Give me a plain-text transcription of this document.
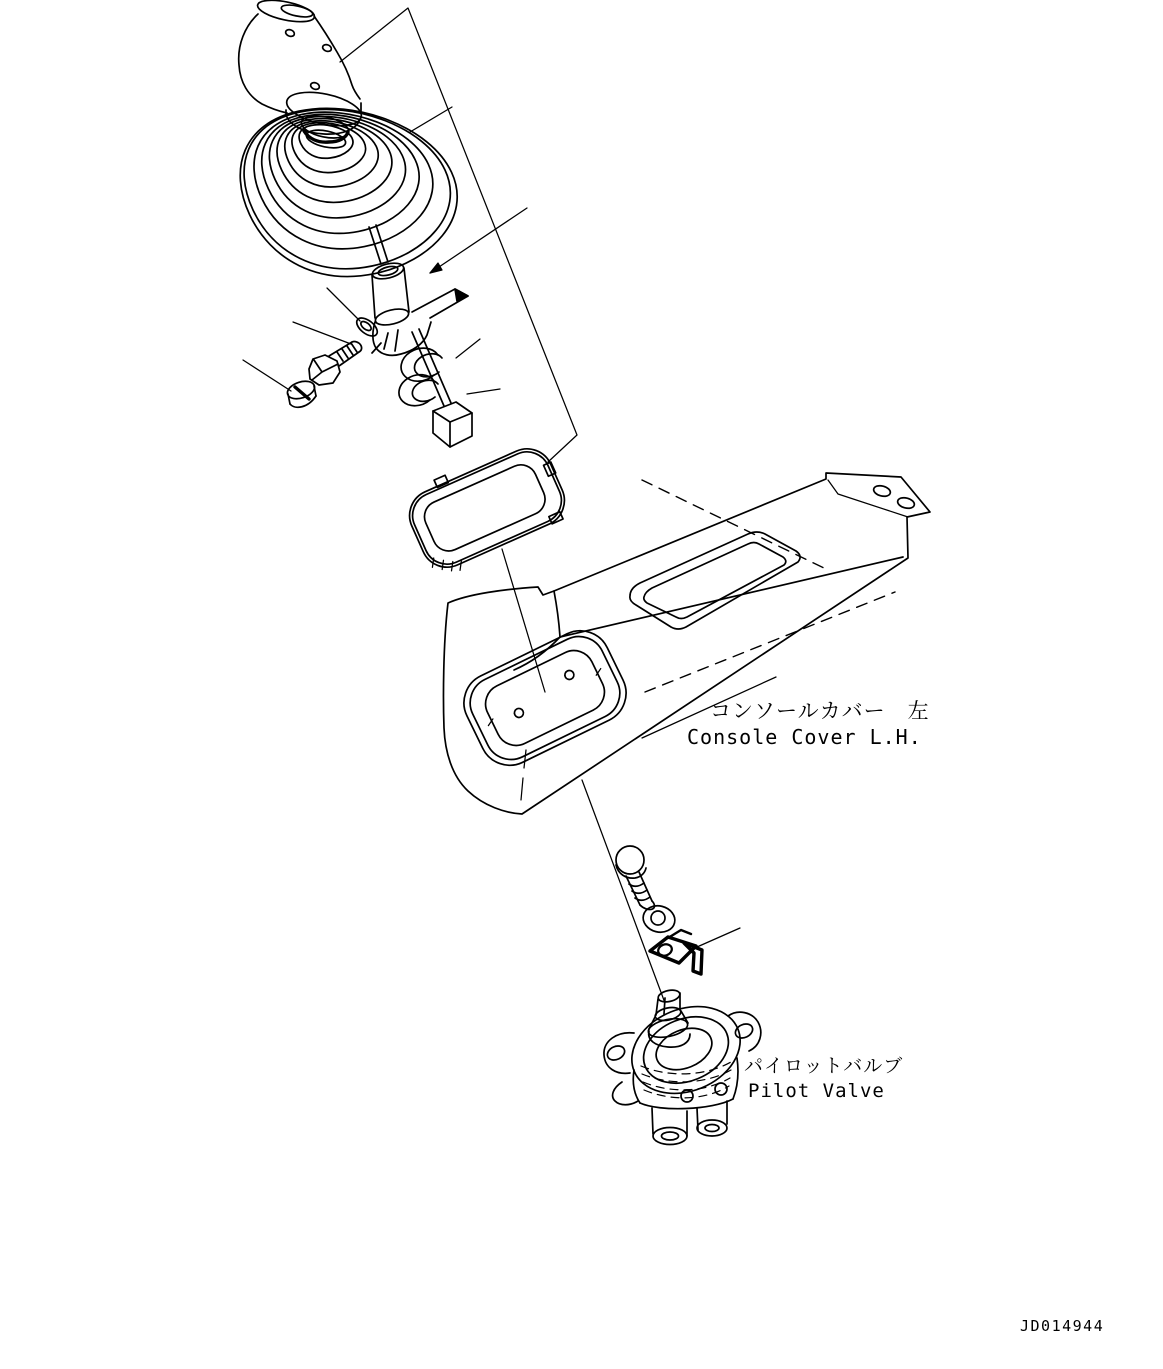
コンソールカバー　左
Console Cover L.H.
パイロットバルブ
Pilot Valve
JD014944
